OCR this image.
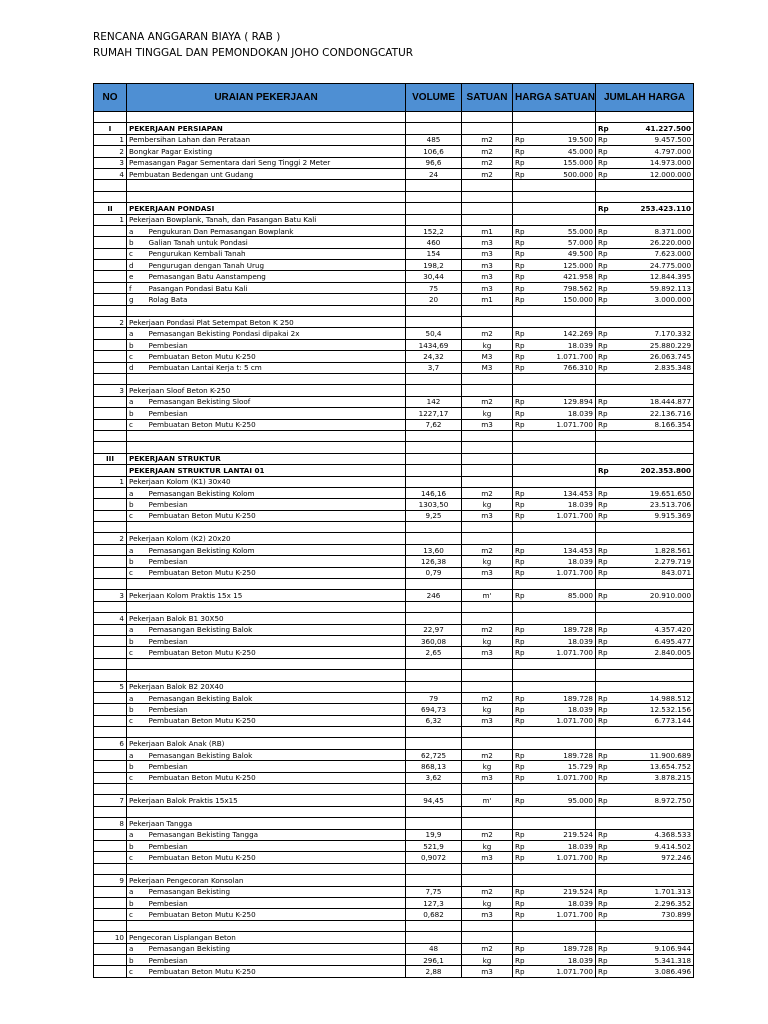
RENCANA ANGGARAN BIAYA ( RAB )
RUMAH TINGGAL DAN PEMONDOKAN JOHO CONDONGCATUR
NO	URAIAN PEKERJAAN		VOLUME	SATUAN	HARGA SATUAN		JUMLAH HARGA	

I	PEKERJAAN PERSIAPAN						Rp	41.227.500
1	Pembersihan Lahan dan Perataan		485	m2	Rp	19.500	Rp	9.457.500
2	Bongkar Pagar Existing		106,6	m2	Rp	45.000	Rp	4.797.000
3	Pemasangan Pagar Sementara dari Seng Tinggi 2 Meter		96,6	m2	Rp	155.000	Rp	14.973.000
4	Pembuatan Bedengan unt Gudang		24	m2	Rp	500.000	Rp	12.000.000

II	PEKERJAAN PONDASI						Rp	253.423.110
1	Pekerjaan Bowplank, Tanah, dan Pasangan Batu Kali							
	a	Pengukuran Dan Pemasangan Bowplank	152,2	m1	Rp	55.000	Rp	8.371.000
	b	Galian Tanah untuk Pondasi	460	m3	Rp	57.000	Rp	26.220.000
	c	Pengurukan Kembali Tanah	154	m3	Rp	49.500	Rp	7.623.000
	d	Pengurugan dengan Tanah Urug	198,2	m3	Rp	125.000	Rp	24.775.000
	e	Pemasangan Batu Aanstampeng	30,44	m3	Rp	421.958	Rp	12.844.395
	f	Pasangan Pondasi Batu Kali	75	m3	Rp	798.562	Rp	59.892.113
	g	Rolag Bata	20	m1	Rp	150.000	Rp	3.000.000

2	Pekerjaan Pondasi Plat Setempat Beton K 250							
	a	Pemasangan Bekisting Pondasi dipakai 2x	50,4	m2	Rp	142.269	Rp	7.170.332
	b	Pembesian	1434,69	kg	Rp	18.039	Rp	25.880.229
	c	Pembuatan Beton Mutu K-250	24,32	M3	Rp	1.071.700	Rp	26.063.745
	d	Pembuatan Lantai Kerja t: 5 cm	3,7	M3	Rp	766.310	Rp	2.835.348

3	Pekerjaan Sloof Beton K-250							
	a	Pemasangan Bekisting Sloof	142	m2	Rp	129.894	Rp	18.444.877
	b	Pembesian	1227,17	kg	Rp	18.039	Rp	22.136.716
	c	Pembuatan Beton Mutu K-250	7,62	m3	Rp	1.071.700	Rp	8.166.354

III	PEKERJAAN STRUKTUR							
	PEKERJAAN STRUKTUR LANTAI 01						Rp	202.353.800
1	Pekerjaan Kolom (K1) 30x40							
	a	Pemasangan Bekisting Kolom	146,16	m2	Rp	134.453	Rp	19.651.650
	b	Pembesian	1303,50	kg	Rp	18.039	Rp	23.513.706
	c	Pembuatan Beton Mutu K-250	9,25	m3	Rp	1.071.700	Rp	9.915.369

2	Pekerjaan Kolom (K2) 20x20							
	a	Pemasangan Bekisting Kolom	13,60	m2	Rp	134.453	Rp	1.828.561
	b	Pembesian	126,38	kg	Rp	18.039	Rp	2.279.719
	c	Pembuatan Beton Mutu K-250	0,79	m3	Rp	1.071.700	Rp	843.071

3	Pekerjaan Kolom Praktis 15x 15		246	m'	Rp	85.000	Rp	20.910.000

4	Pekerjaan Balok B1 30X50							
	a	Pemasangan Bekisting Balok	22,97	m2	Rp	189.728	Rp	4.357.420
	b	Pembesian	360,08	kg	Rp	18.039	Rp	6.495.477
	c	Pembuatan Beton Mutu K-250	2,65	m3	Rp	1.071.700	Rp	2.840.005

5	Pekerjaan Balok B2 20X40							
	a	Pemasangan Bekisting Balok	79	m2	Rp	189.728	Rp	14.988.512
	b	Pembesian	694,73	kg	Rp	18.039	Rp	12.532.156
	c	Pembuatan Beton Mutu K-250	6,32	m3	Rp	1.071.700	Rp	6.773.144

6	Pekerjaan Balok Anak (RB)							
	a	Pemasangan Bekisting Balok	62,725	m2	Rp	189.728	Rp	11.900.689
	b	Pembesian	868,13	kg	Rp	15.729	Rp	13.654.752
	c	Pembuatan Beton Mutu K-250	3,62	m3	Rp	1.071.700	Rp	3.878.215

7	Pekerjaan Balok Praktis 15x15		94,45	m'	Rp	95.000	Rp	8.972.750

8	Pekerjaan Tangga							
	a	Pemasangan Bekisting Tangga	19,9	m2	Rp	219.524	Rp	4.368.533
	b	Pembesian	521,9	kg	Rp	18.039	Rp	9.414.502
	c	Pembuatan Beton Mutu K-250	0,9072	m3	Rp	1.071.700	Rp	972.246

9	Pekerjaan Pengecoran Konsolan							
	a	Pemasangan Bekisting	7,75	m2	Rp	219.524	Rp	1.701.313
	b	Pembesian	127,3	kg	Rp	18.039	Rp	2.296.352
	c	Pembuatan Beton Mutu K-250	0,682	m3	Rp	1.071.700	Rp	730.899

10	Pengecoran Lisplangan Beton							
	a	Pemasangan Bekisting	48	m2	Rp	189.728	Rp	9.106.944
	b	Pembesian	296,1	kg	Rp	18.039	Rp	5.341.318
	c	Pembuatan Beton Mutu K-250	2,88	m3	Rp	1.071.700	Rp	3.086.496
